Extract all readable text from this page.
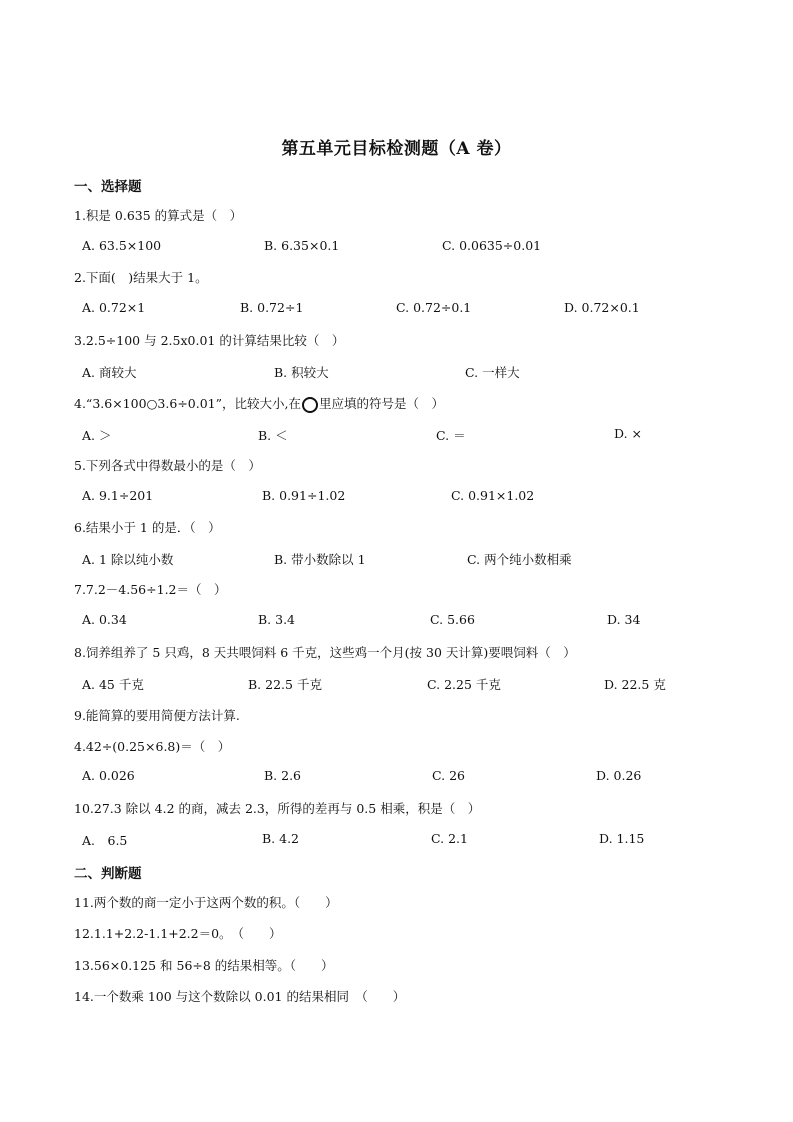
第五单元目标检测题（A 卷）
一、选择题
1.积是 0.635 的算式是（　）
A. 63.5×100	B. 6.35×0.1	C. 0.0635÷0.01
2.下面(　)结果大于 1。
A. 0.72×1	B. 0.72÷1	C. 0.72÷0.1	D. 0.72×0.1
3.2.5÷100 与 2.5x0.01 的计算结果比较（　）
A. 商较大	B. 积较大	C. 一样大
4.“3.6×100○3.6÷0.01”，比较大小,在 里应填的符号是（　）
A. ＞	B. ＜	C. ＝	D. ×
5.下列各式中得数最小的是（　）
A. 9.1÷201	B. 0.91÷1.02	C. 0.91×1.02
6.结果小于 1 的是．（　）
A. 1 除以纯小数	B. 带小数除以 1	C. 两个纯小数相乘
7.7.2－4.56÷1.2＝（　）
A. 0.34	B. 3.4	C. 5.66	D. 34
8.饲养组养了 5 只鸡，8 天共喂饲料 6 千克，这些鸡一个月(按 30 天计算)要喂饲料（　）
A. 45 千克	B. 22.5 千克	C. 2.25 千克	D. 22.5 克
9.能简算的要用简便方法计算.
4.42÷(0.25×6.8)＝（　）
A. 0.026	B. 2.6	C. 26	D. 0.26
10.27.3 除以 4.2 的商，减去 2.3，所得的差再与 0.5 相乘，积是（　）
A.　6.5	B. 4.2	C. 2.1	D. 1.15
二、判断题
11.两个数的商一定小于这两个数的积。（　　）
12.1.1+2.2-1.1+2.2＝0。　（　　）
13.56×0.125 和 56÷8 的结果相等。（　　）
14.一个数乘 100 与这个数除以 0.01 的结果相同　（　　）
